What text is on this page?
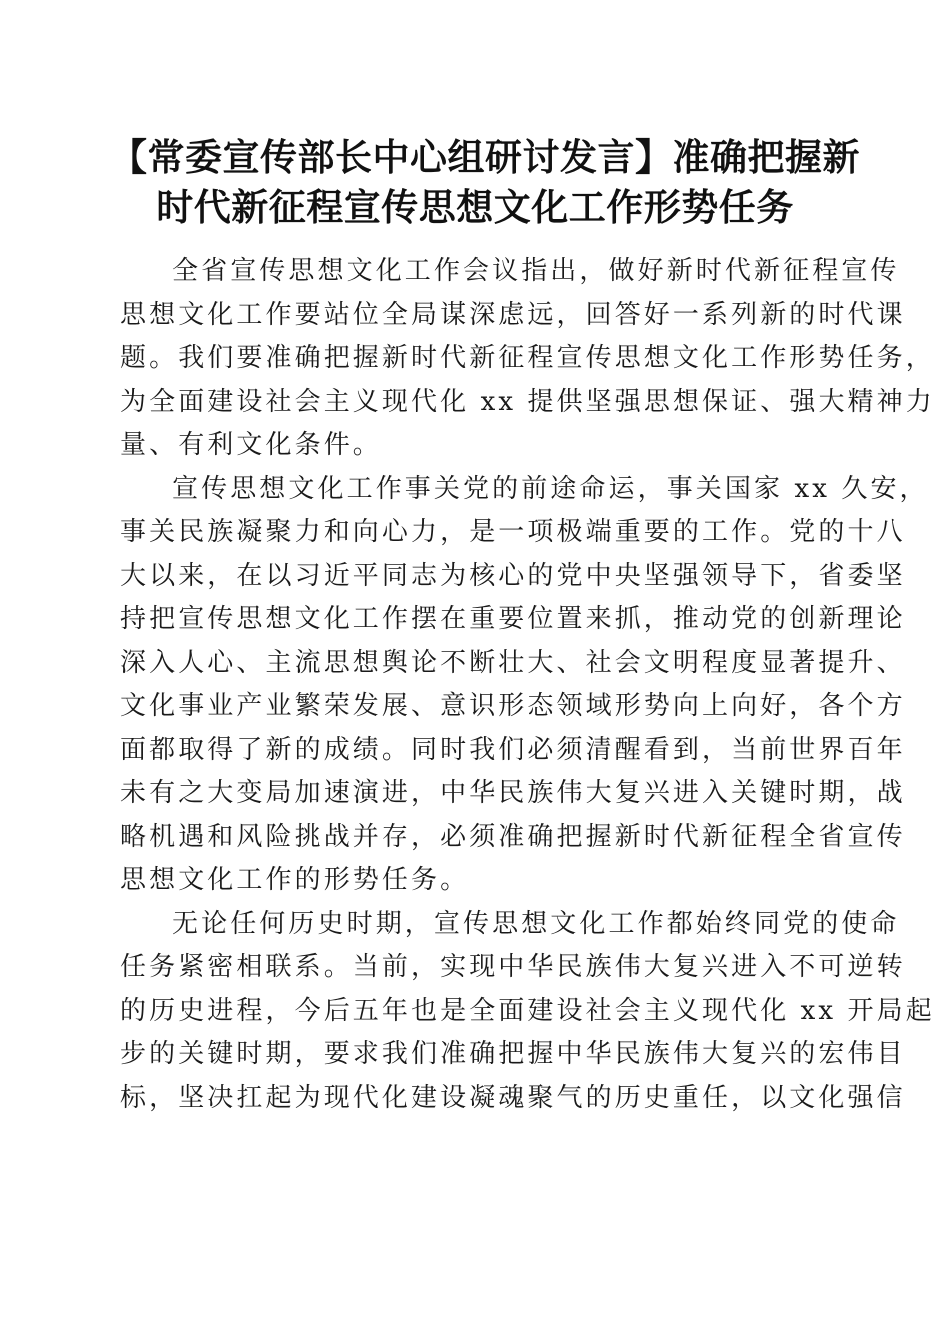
【常委宣传部长中心组研讨发言】准确把握新
时代新征程宣传思想文化工作形势任务
全省宣传思想文化工作会议指出，做好新时代新征程宣传
思想文化工作要站位全局谋深虑远，回答好一系列新的时代课
题。我们要准确把握新时代新征程宣传思想文化工作形势任务，
为全面建设社会主义现代化 xx 提供坚强思想保证、强大精神力
量、有利文化条件。
宣传思想文化工作事关党的前途命运，事关国家 xx 久安，
事关民族凝聚力和向心力，是一项极端重要的工作。党的十八
大以来，在以习近平同志为核心的党中央坚强领导下，省委坚
持把宣传思想文化工作摆在重要位置来抓，推动党的创新理论
深入人心、主流思想舆论不断壮大、社会文明程度显著提升、
文化事业产业繁荣发展、意识形态领域形势向上向好，各个方
面都取得了新的成绩。同时我们必须清醒看到，当前世界百年
未有之大变局加速演进，中华民族伟大复兴进入关键时期，战
略机遇和风险挑战并存，必须准确把握新时代新征程全省宣传
思想文化工作的形势任务。
无论任何历史时期，宣传思想文化工作都始终同党的使命
任务紧密相联系。当前，实现中华民族伟大复兴进入不可逆转
的历史进程，今后五年也是全面建设社会主义现代化 xx 开局起
步的关键时期，要求我们准确把握中华民族伟大复兴的宏伟目
标，坚决扛起为现代化建设凝魂聚气的历史重任，以文化强信
